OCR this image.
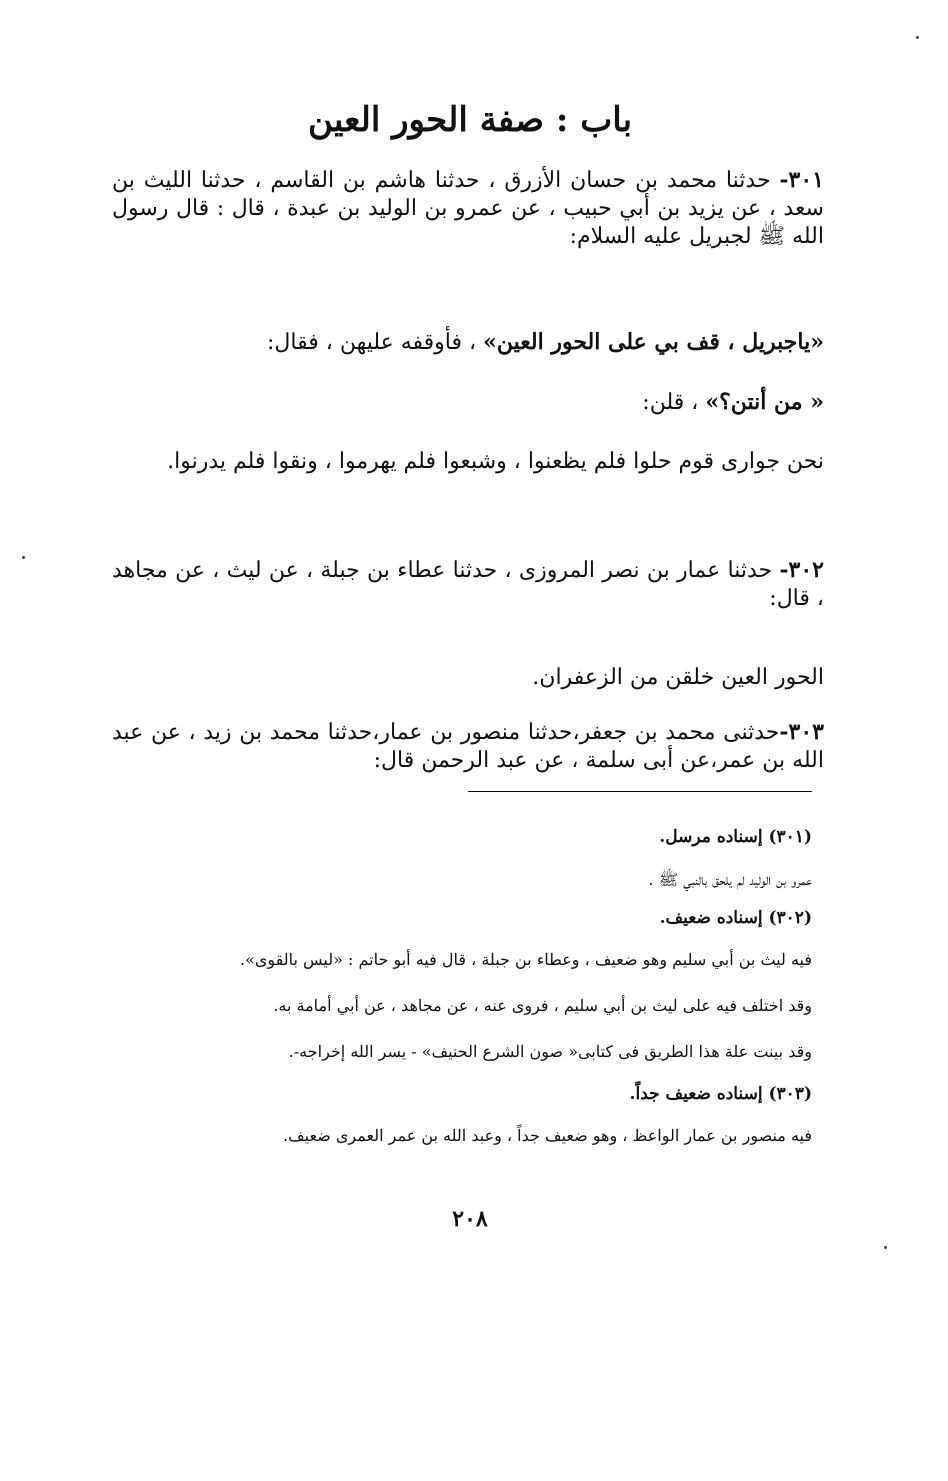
باب : صفة الحور العين
٣٠١- حدثنا محمد بن حسان الأزرق ، حدثنا هاشم بن القاسم ، حدثنا الليث بن سعد ، عن يزيد بن أبي حبيب ، عن عمرو بن الوليد بن عبدة ، قال : قال رسول الله ﷺ لجبريل عليه السلام:
«ياجبريل ، قف بي على الحور العين» ، فأوقفه عليهن ، فقال:
« من أنتن؟» ، قلن:
نحن جوارى قوم حلوا فلم يظعنوا ، وشبعوا فلم يهرموا ، ونقوا فلم يدرنوا.
٣٠٢- حدثنا عمار بن نصر المروزى ، حدثنا عطاء بن جبلة ، عن ليث ، عن مجاهد ، قال:
الحور العين خلقن من الزعفران.
٣٠٣-حدثنى محمد بن جعفر،حدثنا منصور بن عمار،حدثنا محمد بن زيد ، عن عبد الله بن عمر،عن أبى سلمة ، عن عبد الرحمن قال:
(٣٠١) إسناده مرسل.
عمرو بن الوليد لم يلحق بالنبي ﷺ .
(٣٠٢) إسناده ضعيف.
فيه ليث بن أبي سليم وهو ضعيف ، وعطاء بن جبلة ، قال فيه أبو حاتم : «ليس بالقوى».
وقد اختلف فيه على ليث بن أبي سليم ، فروى عنه ، عن مجاهد ، عن أبي أمامة به.
وقد بينت علة هذا الطريق فى كتابى« صون الشرع الحنيف» - يسر الله إخراجه-.
(٣٠٣) إسناده ضعيف جداً.
فيه منصور بن عمار الواعظ ، وهو ضعيف جداً ، وعبد الله بن عمر العمرى ضعيف.
٢٠٨
